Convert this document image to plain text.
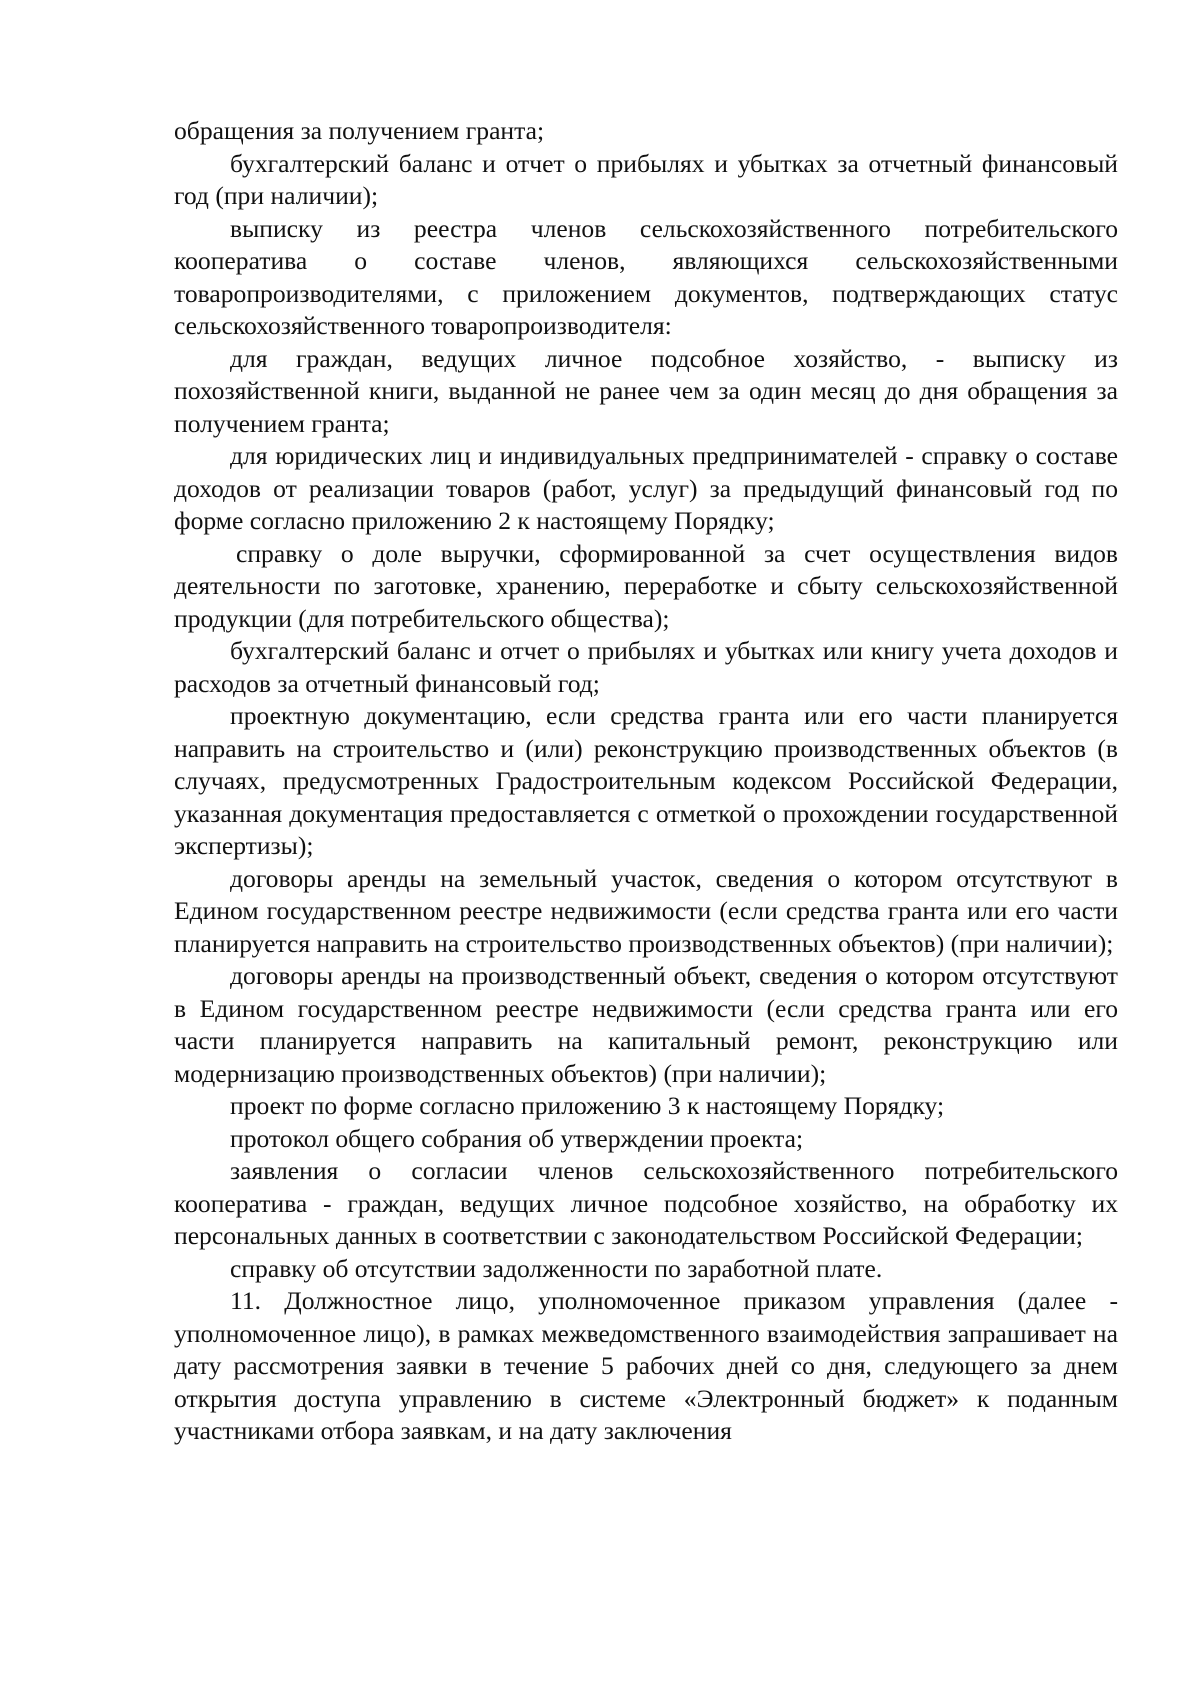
обращения за получением гранта;

бухгалтерский баланс и отчет о прибылях и убытках за отчетный финансовый год (при наличии);

выписку из реестра членов сельскохозяйственного потребительского кооператива о составе членов, являющихся сельскохозяйственными товаропроизводителями, с приложением документов, подтверждающих статус сельскохозяйственного товаропроизводителя:

для граждан, ведущих личное подсобное хозяйство, - выписку из похозяйственной книги, выданной не ранее чем за один месяц до дня обращения за получением гранта;

для юридических лиц и индивидуальных предпринимателей - справку о составе доходов от реализации товаров (работ, услуг) за предыдущий финансовый год по форме согласно приложению 2 к настоящему Порядку;

справку о доле выручки, сформированной за счет осуществления видов деятельности по заготовке, хранению, переработке и сбыту сельскохозяйственной продукции (для потребительского общества);

бухгалтерский баланс и отчет о прибылях и убытках или книгу учета доходов и расходов за отчетный финансовый год;

проектную документацию, если средства гранта или его части планируется направить на строительство и (или) реконструкцию производственных объектов (в случаях, предусмотренных Градостроительным кодексом Российской Федерации, указанная документация предоставляется с отметкой о прохождении государственной экспертизы);

договоры аренды на земельный участок, сведения о котором отсутствуют в Едином государственном реестре недвижимости (если средства гранта или его части планируется направить на строительство производственных объектов) (при наличии);

договоры аренды на производственный объект, сведения о котором отсутствуют в Едином государственном реестре недвижимости (если средства гранта или его части планируется направить на капитальный ремонт, реконструкцию или модернизацию производственных объектов) (при наличии);

проект по форме согласно приложению 3 к настоящему Порядку;

протокол общего собрания об утверждении проекта;

заявления о согласии членов сельскохозяйственного потребительского кооператива - граждан, ведущих личное подсобное хозяйство, на обработку их персональных данных в соответствии с законодательством Российской Федерации;

справку об отсутствии задолженности по заработной плате.

11. Должностное лицо, уполномоченное приказом управления (далее - уполномоченное лицо), в рамках межведомственного взаимодействия запрашивает на дату рассмотрения заявки в течение 5 рабочих дней со дня, следующего за днем открытия доступа управлению в системе «Электронный бюджет» к поданным участниками отбора заявкам, и на дату заключения
